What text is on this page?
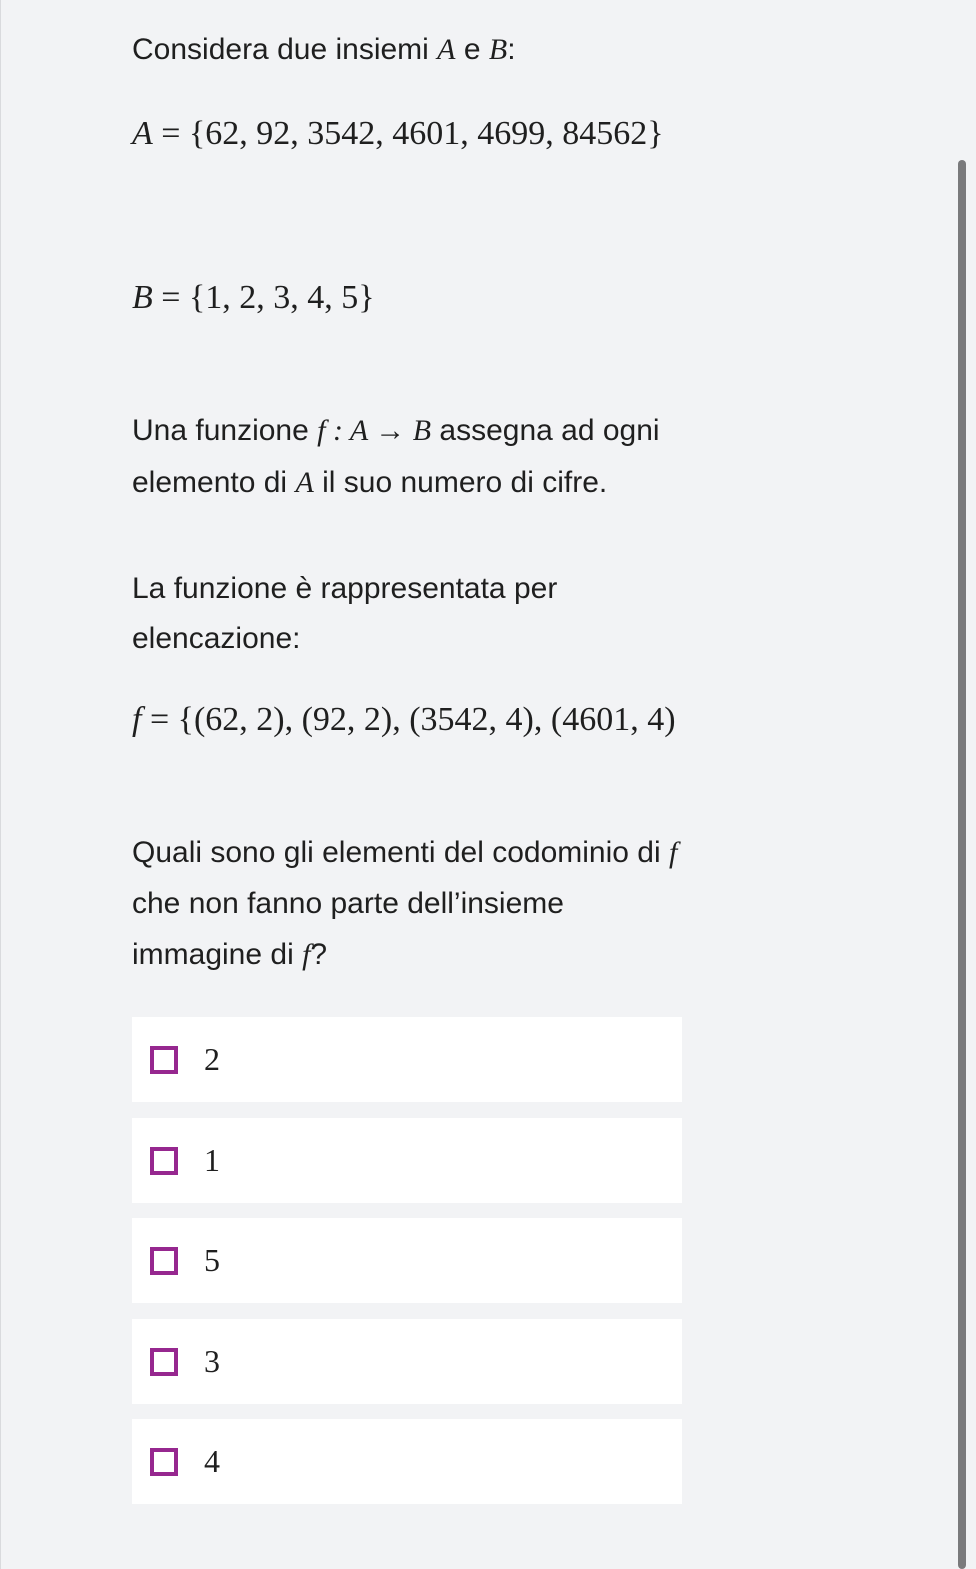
Considera due insiemi A e B:

A = {62, 92, 3542, 4601, 4699, 84562}
B = {1, 2, 3, 4, 5}

Una funzione f : A → B assegna ad ogni elemento di A il suo numero di cifre.

La funzione è rappresentata per elencazione:

f = {(62, 2), (92, 2), (3542, 4), (4601, 4)

Quali sono gli elementi del codominio di f che non fanno parte dell’insieme immagine di f?

2
1
5
3
4
